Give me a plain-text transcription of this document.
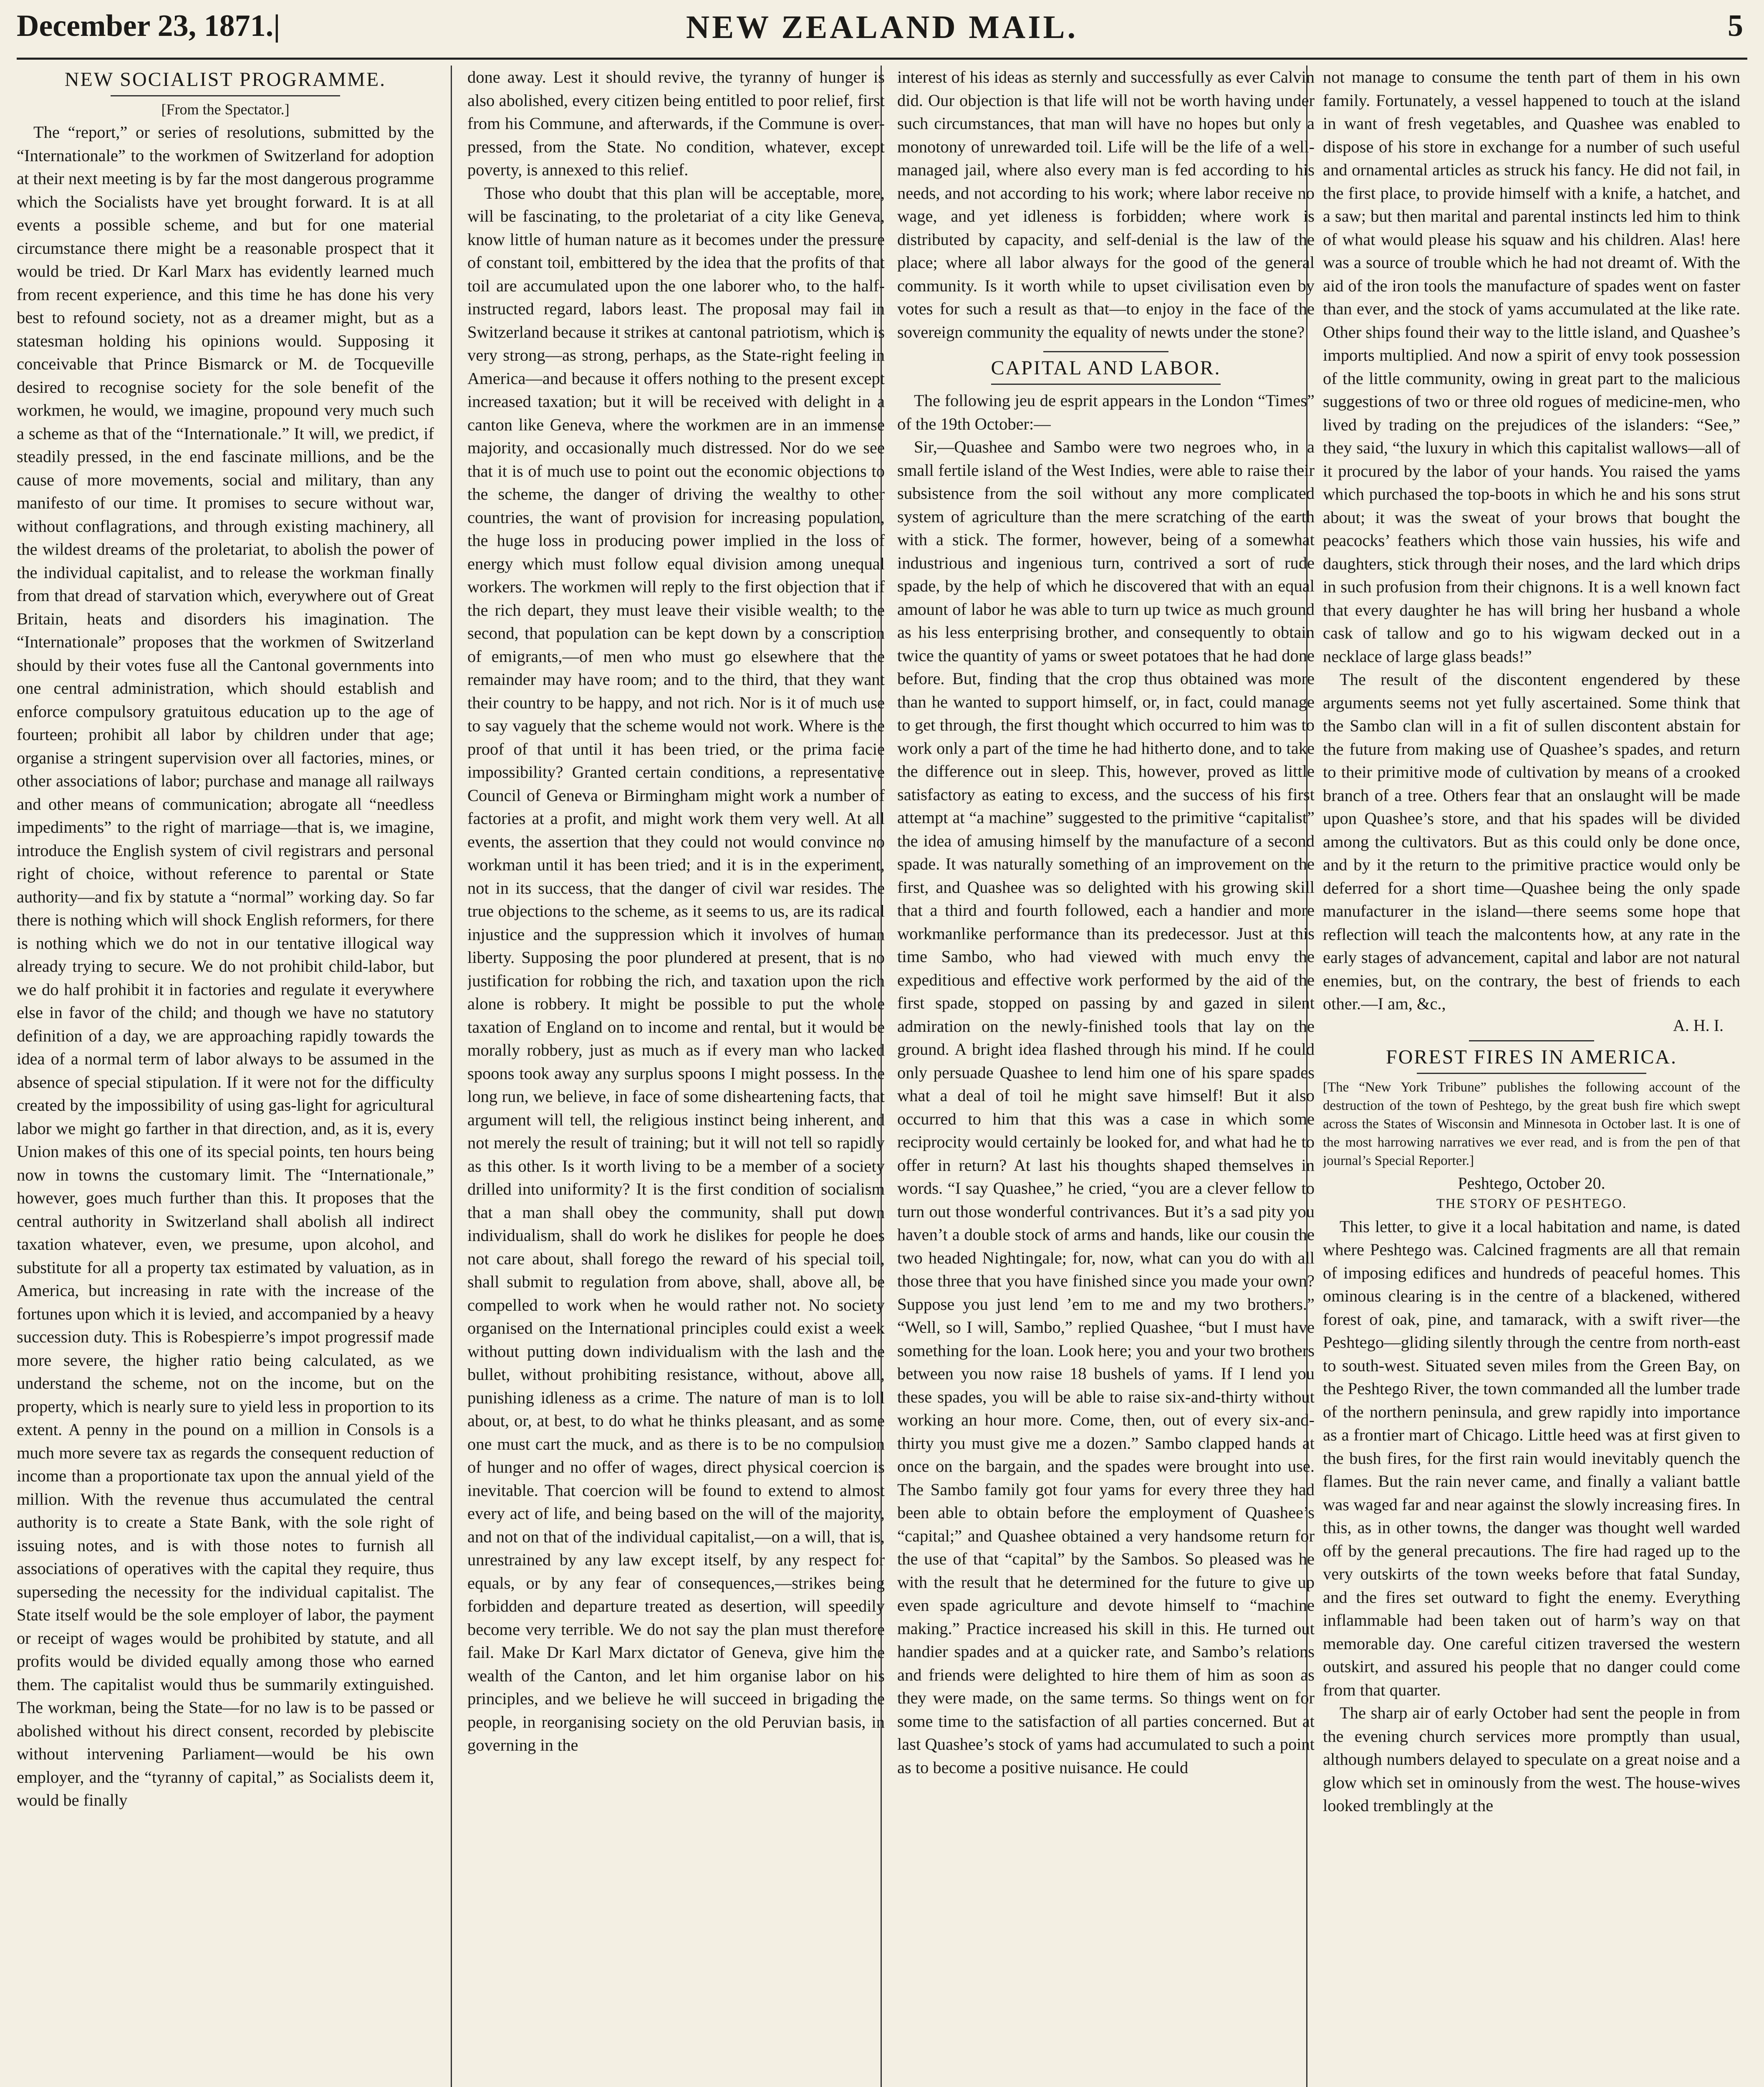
December 23, 1871.|	NEW ZEALAND MAIL.	5
NEW SOCIALIST PROGRAMME.
[From the Spectator.]

The “report,” or series of resolutions, submitted by the “Internationale” to the workmen of Switzerland for adoption at their next meeting is by far the most dangerous programme which the Socialists have yet brought forward. It is at all events a possible scheme, and but for one material circumstance there might be a reasonable prospect that it would be tried. Dr Karl Marx has evidently learned much from recent experience, and this time he has done his very best to refound society, not as a dreamer might, but as a statesman holding his opinions would. Supposing it conceivable that Prince Bismarck or M. de Tocqueville desired to recognise society for the sole benefit of the workmen, he would, we imagine, propound very much such a scheme as that of the “Internationale.” It will, we predict, if steadily pressed, in the end fascinate millions, and be the cause of more movements, social and military, than any manifesto of our time. It promises to secure without war, without conflagrations, and through existing machinery, all the wildest dreams of the proletariat, to abolish the power of the individual capitalist, and to release the workman finally from that dread of starvation which, everywhere out of Great Britain, heats and disorders his imagination. The “Internationale” proposes that the workmen of Switzerland should by their votes fuse all the Cantonal governments into one central administration, which should establish and enforce compulsory gratuitous education up to the age of fourteen; prohibit all labor by children under that age; organise a stringent supervision over all factories, mines, or other associations of labor; purchase and manage all railways and other means of communication; abrogate all “needless impediments” to the right of marriage—that is, we imagine, introduce the English system of civil registrars and personal right of choice, without reference to parental or State authority—and fix by statute a “normal” working day. So far there is nothing which will shock English reformers, for there is nothing which we do not in our tentative illogical way already trying to secure. We do not prohibit child-labor, but we do half prohibit it in factories and regulate it everywhere else in favor of the child; and though we have no statutory definition of a day, we are approaching rapidly towards the idea of a normal term of labor always to be assumed in the absence of special stipulation. If it were not for the difficulty created by the impossibility of using gas-light for agricultural labor we might go farther in that direction, and, as it is, every Union makes of this one of its special points, ten hours being now in towns the customary limit. The “Internationale,” however, goes much further than this. It proposes that the central authority in Switzerland shall abolish all indirect taxation whatever, even, we presume, upon alcohol, and substitute for all a property tax estimated by valuation, as in America, but increasing in rate with the increase of the fortunes upon which it is levied, and accompanied by a heavy succession duty. This is Robespierre’s impot progressif made more severe, the higher ratio being calculated, as we understand the scheme, not on the income, but on the property, which is nearly sure to yield less in proportion to its extent. A penny in the pound on a million in Consols is a much more severe tax as regards the consequent reduction of income than a proportionate tax upon the annual yield of the million. With the revenue thus accumulated the central authority is to create a State Bank, with the sole right of issuing notes, and is with those notes to furnish all associations of operatives with the capital they require, thus superseding the necessity for the individual capitalist. The State itself would be the sole employer of labor, the payment or receipt of wages would be prohibited by statute, and all profits would be divided equally among those who earned them. The capitalist would thus be summarily extinguished. The workman, being the State—for no law is to be passed or abolished without his direct consent, recorded by plebiscite without intervening Parliament—would be his own employer, and the “tyranny of capital,” as Socialists deem it, would be finally

done away. Lest it should revive, the tyranny of hunger is also abolished, every citizen being entitled to poor relief, first from his Commune, and afterwards, if the Commune is over-pressed, from the State. No condition, whatever, except poverty, is annexed to this relief.

Those who doubt that this plan will be acceptable, more, will be fascinating, to the proletariat of a city like Geneva, know little of human nature as it becomes under the pressure of constant toil, embittered by the idea that the profits of that toil are accumulated upon the one laborer who, to the half-instructed regard, labors least. The proposal may fail in Switzerland because it strikes at cantonal patriotism, which is very strong—as strong, perhaps, as the State-right feeling in America—and because it offers nothing to the present except increased taxation; but it will be received with delight in a canton like Geneva, where the workmen are in an immense majority, and occasionally much distressed. Nor do we see that it is of much use to point out the economic objections to the scheme, the danger of driving the wealthy to other countries, the want of provision for increasing population, the huge loss in producing power implied in the loss of energy which must follow equal division among unequal workers. The workmen will reply to the first objection that if the rich depart, they must leave their visible wealth; to the second, that population can be kept down by a conscription of emigrants,—of men who must go elsewhere that the remainder may have room; and to the third, that they want their country to be happy, and not rich. Nor is it of much use to say vaguely that the scheme would not work. Where is the proof of that until it has been tried, or the prima facie impossibility? Granted certain conditions, a representative Council of Geneva or Birmingham might work a number of factories at a profit, and might work them very well. At all events, the assertion that they could not would convince no workman until it has been tried; and it is in the experiment, not in its success, that the danger of civil war resides. The true objections to the scheme, as it seems to us, are its radical injustice and the suppression which it involves of human liberty. Supposing the poor plundered at present, that is no justification for robbing the rich, and taxation upon the rich alone is robbery. It might be possible to put the whole taxation of England on to income and rental, but it would be morally robbery, just as much as if every man who lacked spoons took away any surplus spoons I might possess. In the long run, we believe, in face of some disheartening facts, that argument will tell, the religious instinct being inherent, and not merely the result of training; but it will not tell so rapidly as this other. Is it worth living to be a member of a society drilled into uniformity? It is the first condition of socialism that a man shall obey the community, shall put down individualism, shall do work he dislikes for people he does not care about, shall forego the reward of his special toil, shall submit to regulation from above, shall, above all, be compelled to work when he would rather not. No society organised on the International principles could exist a week without putting down individualism with the lash and the bullet, without prohibiting resistance, without, above all, punishing idleness as a crime. The nature of man is to loll about, or, at best, to do what he thinks pleasant, and as some one must cart the muck, and as there is to be no compulsion of hunger and no offer of wages, direct physical coercion is inevitable. That coercion will be found to extend to almost every act of life, and being based on the will of the majority, and not on that of the individual capitalist,—on a will, that is, unrestrained by any law except itself, by any respect for equals, or by any fear of consequences,—strikes being forbidden and departure treated as desertion, will speedily become very terrible. We do not say the plan must therefore fail. Make Dr Karl Marx dictator of Geneva, give him the wealth of the Canton, and let him organise labor on his principles, and we believe he will succeed in brigading the people, in reorganising society on the old Peruvian basis, in governing in the

interest of his ideas as sternly and successfully as ever Calvin did. Our objection is that life will not be worth having under such circumstances, that man will have no hopes but only a monotony of unrewarded toil. Life will be the life of a well-managed jail, where also every man is fed according to his needs, and not according to his work; where labor receive no wage, and yet idleness is forbidden; where work is distributed by capacity, and self-denial is the law of the place; where all labor always for the good of the general community. Is it worth while to upset civilisation even by votes for such a result as that—to enjoy in the face of the sovereign community the equality of newts under the stone?

CAPITAL AND LABOR.

The following jeu de esprit appears in the London “Times” of the 19th October:—

Sir,—Quashee and Sambo were two negroes who, in a small fertile island of the West Indies, were able to raise their subsistence from the soil without any more complicated system of agriculture than the mere scratching of the earth with a stick. The former, however, being of a somewhat industrious and ingenious turn, contrived a sort of rude spade, by the help of which he discovered that with an equal amount of labor he was able to turn up twice as much ground as his less enterprising brother, and consequently to obtain twice the quantity of yams or sweet potatoes that he had done before. But, finding that the crop thus obtained was more than he wanted to support himself, or, in fact, could manage to get through, the first thought which occurred to him was to work only a part of the time he had hitherto done, and to take the difference out in sleep. This, however, proved as little satisfactory as eating to excess, and the success of his first attempt at “a machine” suggested to the primitive “capitalist” the idea of amusing himself by the manufacture of a second spade. It was naturally something of an improvement on the first, and Quashee was so delighted with his growing skill that a third and fourth followed, each a handier and more workmanlike performance than its predecessor. Just at this time Sambo, who had viewed with much envy the expeditious and effective work performed by the aid of the first spade, stopped on passing by and gazed in silent admiration on the newly-finished tools that lay on the ground. A bright idea flashed through his mind. If he could only persuade Quashee to lend him one of his spare spades what a deal of toil he might save himself! But it also occurred to him that this was a case in which some reciprocity would certainly be looked for, and what had he to offer in return? At last his thoughts shaped themselves in words. “I say Quashee,” he cried, “you are a clever fellow to turn out those wonderful contrivances. But it’s a sad pity you haven’t a double stock of arms and hands, like our cousin the two headed Nightingale; for, now, what can you do with all those three that you have finished since you made your own? Suppose you just lend ’em to me and my two brothers.” “Well, so I will, Sambo,” replied Quashee, “but I must have something for the loan. Look here; you and your two brothers between you now raise 18 bushels of yams. If I lend you these spades, you will be able to raise six-and-thirty without working an hour more. Come, then, out of every six-and-thirty you must give me a dozen.” Sambo clapped hands at once on the bargain, and the spades were brought into use. The Sambo family got four yams for every three they had been able to obtain before the employment of Quashee’s “capital;” and Quashee obtained a very handsome return for the use of that “capital” by the Sambos. So pleased was he with the result that he determined for the future to give up even spade agriculture and devote himself to “machine making.” Practice increased his skill in this. He turned out handier spades and at a quicker rate, and Sambo’s relations and friends were delighted to hire them of him as soon as they were made, on the same terms. So things went on for some time to the satisfaction of all parties concerned. But at last Quashee’s stock of yams had accumulated to such a point as to become a positive nuisance. He could

not manage to consume the tenth part of them in his own family. Fortunately, a vessel happened to touch at the island in want of fresh vegetables, and Quashee was enabled to dispose of his store in exchange for a number of such useful and ornamental articles as struck his fancy. He did not fail, in the first place, to provide himself with a knife, a hatchet, and a saw; but then marital and parental instincts led him to think of what would please his squaw and his children. Alas! here was a source of trouble which he had not dreamt of. With the aid of the iron tools the manufacture of spades went on faster than ever, and the stock of yams accumulated at the like rate. Other ships found their way to the little island, and Quashee’s imports multiplied. And now a spirit of envy took possession of the little community, owing in great part to the malicious suggestions of two or three old rogues of medicine-men, who lived by trading on the prejudices of the islanders: “See,” they said, “the luxury in which this capitalist wallows—all of it procured by the labor of your hands. You raised the yams which purchased the top-boots in which he and his sons strut about; it was the sweat of your brows that bought the peacocks’ feathers which those vain hussies, his wife and daughters, stick through their noses, and the lard which drips in such profusion from their chignons. It is a well known fact that every daughter he has will bring her husband a whole cask of tallow and go to his wigwam decked out in a necklace of large glass beads!”

The result of the discontent engendered by these arguments seems not yet fully ascertained. Some think that the Sambo clan will in a fit of sullen discontent abstain for the future from making use of Quashee’s spades, and return to their primitive mode of cultivation by means of a crooked branch of a tree. Others fear that an onslaught will be made upon Quashee’s store, and that his spades will be divided among the cultivators. But as this could only be done once, and by it the return to the primitive practice would only be deferred for a short time—Quashee being the only spade manufacturer in the island—there seems some hope that reflection will teach the malcontents how, at any rate in the early stages of advancement, capital and labor are not natural enemies, but, on the contrary, the best of friends to each other.—I am, &c.,

A. H. I.
FOREST FIRES IN AMERICA.

[The “New York Tribune” publishes the following account of the destruction of the town of Peshtego, by the great bush fire which swept across the States of Wisconsin and Minnesota in October last. It is one of the most harrowing narratives we ever read, and is from the pen of that journal’s Special Reporter.]

Peshtego, October 20.
THE STORY OF PESHTEGO.

This letter, to give it a local habitation and name, is dated where Peshtego was. Calcined fragments are all that remain of imposing edifices and hundreds of peaceful homes. This ominous clearing is in the centre of a blackened, withered forest of oak, pine, and tamarack, with a swift river—the Peshtego—gliding silently through the centre from north-east to south-west. Situated seven miles from the Green Bay, on the Peshtego River, the town commanded all the lumber trade of the northern peninsula, and grew rapidly into importance as a frontier mart of Chicago. Little heed was at first given to the bush fires, for the first rain would inevitably quench the flames. But the rain never came, and finally a valiant battle was waged far and near against the slowly increasing fires. In this, as in other towns, the danger was thought well warded off by the general precautions. The fire had raged up to the very outskirts of the town weeks before that fatal Sunday, and the fires set outward to fight the enemy. Everything inflammable had been taken out of harm’s way on that memorable day. One careful citizen traversed the western outskirt, and assured his people that no danger could come from that quarter.

The sharp air of early October had sent the people in from the evening church services more promptly than usual, although numbers delayed to speculate on a great noise and a glow which set in ominously from the west. The house-wives looked tremblingly at the
